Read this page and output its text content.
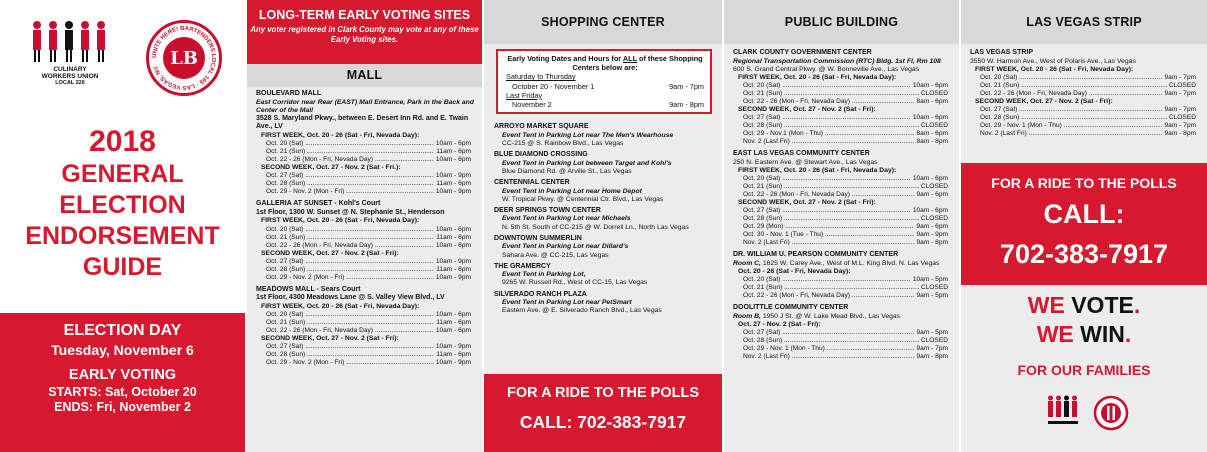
CULINARY
WORKERS UNION
LOCAL 226
UNITE HERE! BARTENDERS LOCAL 165 · LAS VEGAS, NV LB
2018
GENERAL ELECTION
ENDORSEMENT
GUIDE
ELECTION DAY
Tuesday, November 6
EARLY VOTING
STARTS: Sat, October 20
ENDS: Fri, November 2
LONG-TERM EARLY VOTING SITES
Any voter registered in Clark County may vote at any of these Early Voting sites.
MALL
BOULEVARD MALL
East Corridor near Rear (EAST) Mall Entrance, Park in the Back and Center of the Mall
3528 S. Maryland Pkwy., between E. Desert Inn Rd. and E. Twain Ave., LV
FIRST WEEK, Oct. 20 - 26 (Sat - Fri, Nevada Day):
Oct. 20 (Sat) .....	10am - 6pm
Oct. 21 (Sun) .....	11am - 6pm
Oct. 22 - 26 (Mon - Fri, Nevada Day) .....	10am - 6pm
SECOND WEEK, Oct. 27 - Nov. 2 (Sat - Fri.):
Oct. 27 (Sat) .....	10am - 9pm
Oct. 28 (Sun) .....	11am - 6pm
Oct. 29 - Nov. 2 (Mon - Fri) .....	10am - 9pm
GALLERIA AT SUNSET - Kohl's Court
1st Floor, 1300 W. Sunset @ N. Stephanie St., Henderson
FIRST WEEK, Oct. 20 - 26 (Sat - Fri, Nevada Day):
Oct. 20 (Sat) .....	10am - 6pm
Oct. 21 (Sun) .....	11am - 6pm
Oct. 22 - 26 (Mon - Fri, Nevada Day) .....	10am - 6pm
SECOND WEEK, Oct. 27 - Nov. 2 (Sat - Fri):
Oct. 27 (Sat) .....	10am - 9pm
Oct. 28 (Sun) .....	11am - 6pm
Oct. 29 - Nov. 2 (Mon - Fri) .....	10am - 9pm
MEADOWS MALL - Sears Court
1st Floor, 4300 Meadows Lane @ S. Valley View Blvd., LV
FIRST WEEK, Oct. 20 - 26 (Sat - Fri, Nevada Day):
Oct. 20 (Sat) .....	10am - 6pm
Oct. 21 (Sun) .....	11am - 6pm
Oct. 22 - 26 (Mon - Fri, Nevada Day) .....	10am - 6pm
SECOND WEEK, Oct. 27 - Nov. 2 (Sat - Fri):
Oct. 27 (Sat) .....	10am - 9pm
Oct. 28 (Sun) .....	11am - 6pm
Oct. 29 - Nov. 2 (Mon - Fri) .....	10am - 9pm
SHOPPING CENTER
Early Voting Dates and Hours for ALL of these Shopping Centers below are:
Saturday to Thursday
October 20 - November 1	9am - 7pm
Last Friday
November 2	9am - 8pm
ARROYO MARKET SQUARE
Event Tent in Parking Lot near The Men's Wearhouse
CC-215 @ S. Rainbow Blvd., Las Vegas
BLUE DIAMOND CROSSING
Event Tent in Parking Lot between Target and Kohl's
Blue Diamond Rd. @ Arville St., Las Vegas
CENTENNIAL CENTER
Event Tent in Parking Lot near Home Depot
W. Tropical Pkwy. @ Centennial Ctr. Blvd., Las Vegas
DEER SPRINGS TOWN CENTER
Event Tent in Parking Lot near Michaels
N. 5th St. South of CC-215 @ W. Dorrell Ln., North Las Vegas
DOWNTOWN SUMMERLIN
Event Tent in Parking Lot near Dillard's
Sahara Ave. @ CC-215, Las Vegas
THE GRAMERCY
Event Tent in Parking Lot,
9265 W. Russell Rd., West of CC-15, Las Vegas
SILVERADO RANCH PLAZA
Event Tent in Parking Lot near PetSmart
Eastern Ave. @ E. Silverado Ranch Blvd., Las Vegas
FOR A RIDE TO THE POLLS
CALL: 702-383-7917
PUBLIC BUILDING
CLARK COUNTY GOVERNMENT CENTER
Regional Transportation Commission (RTC) Bldg. 1st Fl, Rm 108 600 S. Grand Central Pkwy. @ W. Bonneville Ave., Las Vegas
FIRST WEEK, Oct. 20 - 26 (Sat - Fri, Nevada Day):
Oct. 20 (Sat) .....	10am - 6pm
Oct. 21 (Sun) .....	CLOSED
Oct. 22 - 26 (Mon - Fri, Nevada Day) .....	8am - 6pm
SECOND WEEK, Oct. 27 - Nov. 2 (Sat - Fri):
Oct. 27 (Sat) .....	10am - 6pm
Oct. 28 (Sun) .....	CLOSED
Oct. 29 - Nov.1 (Mon - Thu) .....	8am - 6pm
Nov. 2 (Last Fri) .....	8am - 8pm
EAST LAS VEGAS COMMUNITY CENTER
250 N. Eastern Ave. @ Stewart Ave., Las Vegas
FIRST WEEK, Oct. 20 - 26 (Sat - Fri, Nevada Day):
Oct. 20 (Sat) .....	10am - 6pm
Oct. 21 (Sun) .....	CLOSED
Oct. 22 - 26 (Mon - Fri, Nevada Day) .....	9am - 6pm
SECOND WEEK, Oct. 27 - Nov. 2 (Sat - Fri):
Oct. 27 (Sat) .....	10am - 6pm
Oct. 28 (Sun) .....	CLOSED
Oct. 29 (Mon) .....	9am - 6pm
Oct. 30 - Nov. 1 (Tue - Thu) .....	9am - 9pm
Nov. 2 (Last Fri) .....	9am - 8pm
DR. WILLIAM U. PEARSON COMMUNITY CENTER
Room C, 1625 W. Carey Ave., West of M.L. King Blvd. N. Las Vegas
Oct. 20 - 26 (Sat - Fri, Nevada Day):
Oct. 20 (Sat) .....	10am - 5pm
Oct. 21 (Sun) .....	CLOSED
Oct. 22 - 26 (Mon - Fri, Nevada Day) .....	9am - 5pm
DOOLITTLE COMMUNITY CENTER
Room B, 1950 J St. @ W. Lake Mead Blvd., Las Vegas
Oct. 27 - Nov. 2 (Sat - Fri):
Oct. 27 (Sat) .....	9am - 5pm
Oct. 28 (Sun) .....	CLOSED
Oct. 29 - Nov. 1 (Mon - Thu) .....	9am - 7pm
Nov. 2 (Last Fri) .....	9am - 8pm
LAS VEGAS STRIP
LAS VEGAS STRIP
3550 W. Harmon Ave., West of Polaris Ave., Las Vegas
FIRST WEEK, Oct. 20 - 26 (Sat - Fri, Nevada Day):
Oct. 20 (Sat) .....	9am - 7pm
Oct. 21 (Sun) .....	CLOSED
Oct. 22 - 26 (Mon - Fri, Nevada Day) .....	9am - 7pm
SECOND WEEK, Oct. 27 - Nov. 2 (Sat - Fri):
Oct. 27 (Sat) .....	9am - 7pm
Oct. 28 (Sun) .....	CLOSED
Oct. 29 - Nov. 1 (Mon - Thu) .....	9am - 7pm
Nov. 2 (Last Fri) .....	9am - 8pm
FOR A RIDE TO THE POLLS
CALL:
702-383-7917
WE VOTE.
WE WIN.
FOR OUR FAMILIES
